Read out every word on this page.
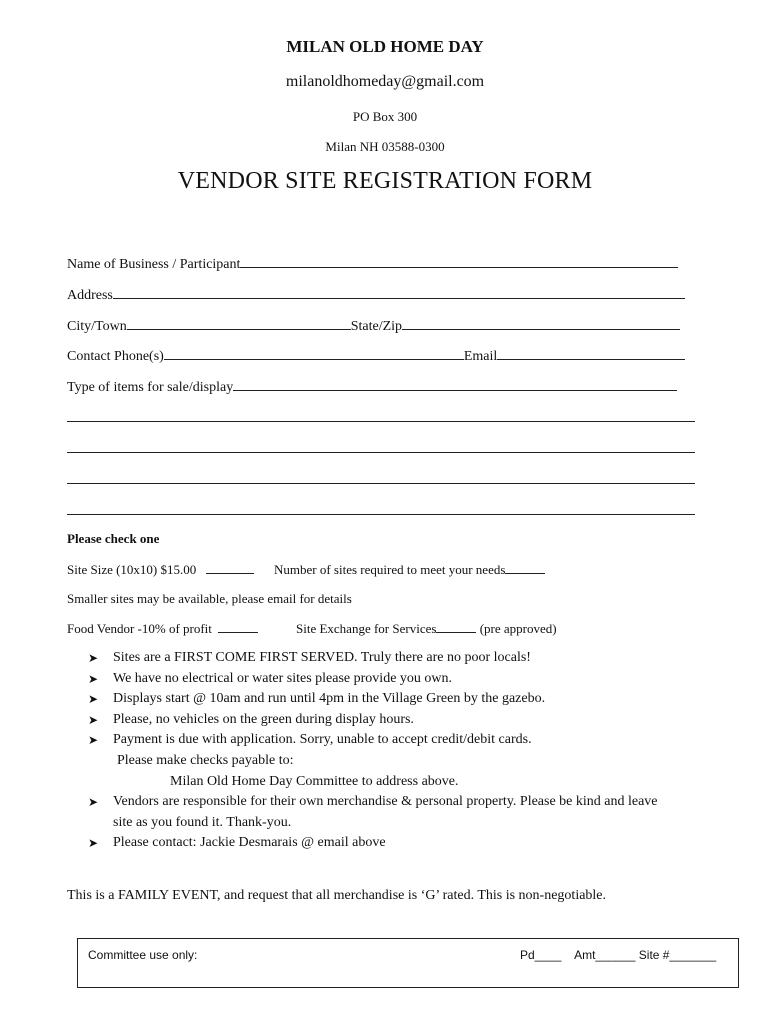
MILAN OLD HOME DAY
milanoldhomeday@gmail.com
PO Box 300
Milan NH 03588-0300
VENDOR SITE REGISTRATION FORM
Name of Business / Participant
Address
City/Town	State/Zip
Contact Phone(s)	Email
Type of items for sale/display
Please check one
Site Size (10x10) $15.00	Number of sites required to meet your needs
Smaller sites may be available, please email for details
Food Vendor -10% of profit	Site Exchange for Services	(pre approved)
➤ Sites are a FIRST COME FIRST SERVED. Truly there are no poor locals!
➤ We have no electrical or water sites please provide you own.
➤ Displays start @ 10am and run until 4pm in the Village Green by the gazebo.
➤ Please, no vehicles on the green during display hours.
➤ Payment is due with application. Sorry, unable to accept credit/debit cards.
Please make checks payable to:
Milan Old Home Day Committee to address above.
➤ Vendors are responsible for their own merchandise & personal property. Please be kind and leave
site as you found it. Thank-you.
➤ Please contact: Jackie Desmarais @ email above
This is a FAMILY EVENT, and request that all merchandise is ‘G’ rated. This is non-negotiable.
Committee use only:	Pd____ Amt______ Site #_______
